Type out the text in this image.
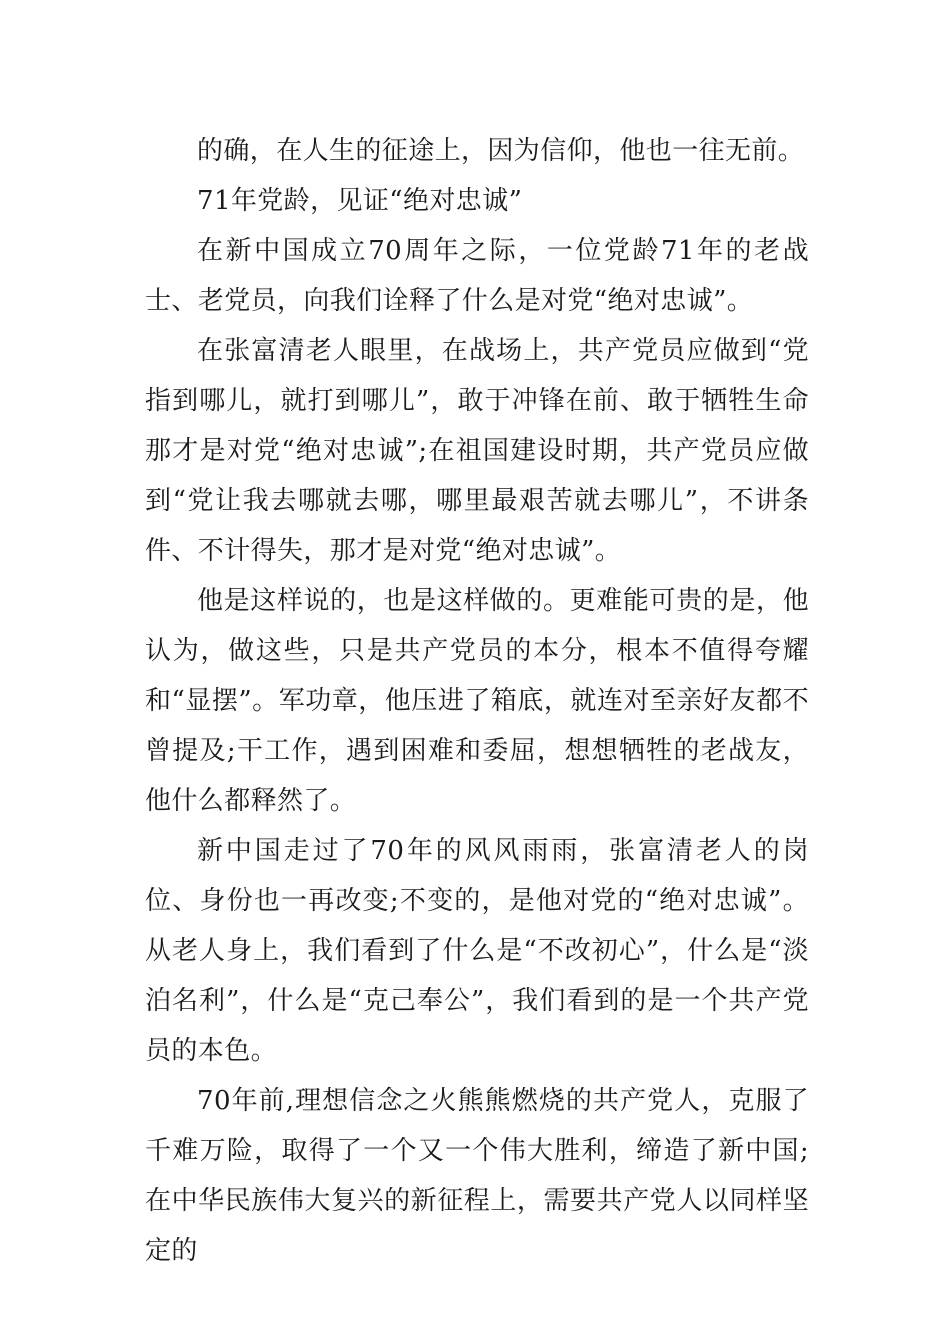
的确，在人生的征途上，因为信仰，他也一往无前。

71年党龄，见证“绝对忠诚”

在新中国成立70周年之际，一位党龄71年的老战士、老党员，向我们诠释了什么是对党“绝对忠诚”。

在张富清老人眼里，在战场上，共产党员应做到“党指到哪儿，就打到哪儿”，敢于冲锋在前、敢于牺牲生命那才是对党“绝对忠诚”;在祖国建设时期，共产党员应做到“党让我去哪就去哪，哪里最艰苦就去哪儿”，不讲条件、不计得失，那才是对党“绝对忠诚”。

他是这样说的，也是这样做的。更难能可贵的是，他认为，做这些，只是共产党员的本分，根本不值得夸耀和“显摆”。军功章，他压进了箱底，就连对至亲好友都不曾提及;干工作，遇到困难和委屈，想想牺牲的老战友，他什么都释然了。

新中国走过了70年的风风雨雨，张富清老人的岗位、身份也一再改变;不变的，是他对党的“绝对忠诚”。从老人身上，我们看到了什么是“不改初心”，什么是“淡泊名利”，什么是“克己奉公”，我们看到的是一个共产党员的本色。

70年前,理想信念之火熊熊燃烧的共产党人，克服了千难万险，取得了一个又一个伟大胜利，缔造了新中国;在中华民族伟大复兴的新征程上，需要共产党人以同样坚定的
